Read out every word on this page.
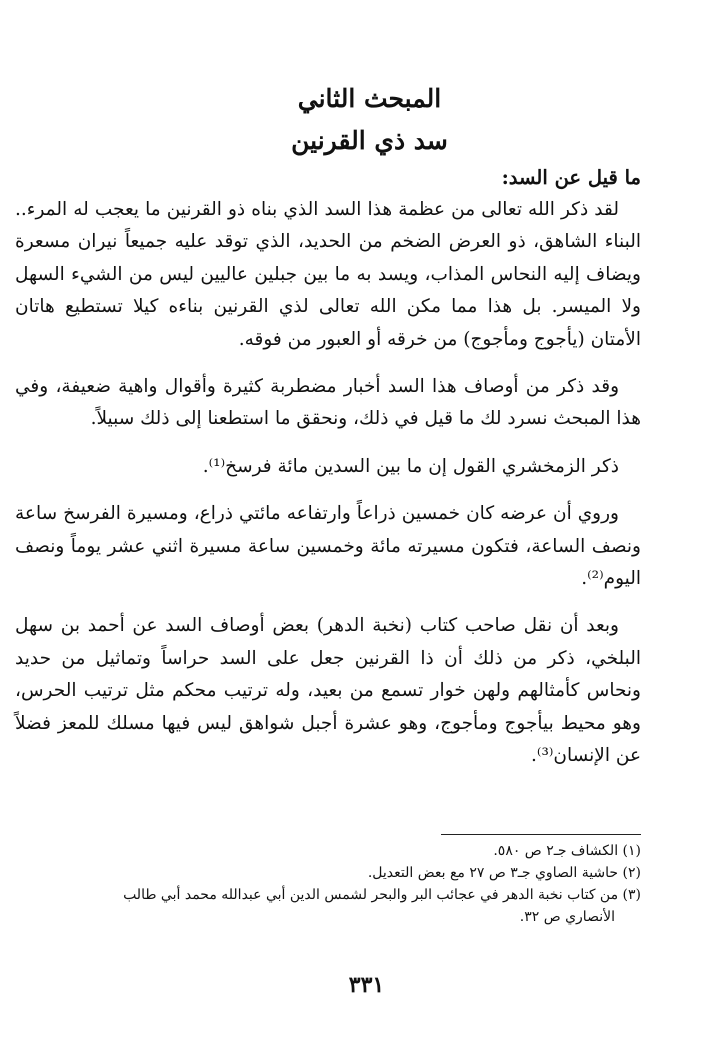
المبحث الثاني

سد ذي القرنين

ما قيل عن السد:

لقد ذكر الله تعالى من عظمة هذا السد الذي بناه ذو القرنين ما يعجب له المرء.. البناء الشاهق، ذو العرض الضخم من الحديد، الذي توقد عليه جميعاً نيران مسعرة ويضاف إليه النحاس المذاب، ويسد به ما بين جبلين عاليين ليس من الشيء السهل ولا الميسر. بل هذا مما مكن الله تعالى لذي القرنين بناءه كيلا تستطيع هاتان الأمتان (يأجوج ومأجوج) من خرقه أو العبور من فوقه.

وقد ذكر من أوصاف هذا السد أخبار مضطربة كثيرة وأقوال واهية ضعيفة، وفي هذا المبحث نسرد لك ما قيل في ذلك، ونحقق ما استطعنا إلى ذلك سبيلاً.

ذكر الزمخشري القول إن ما بين السدين مائة فرسخ⁽¹⁾.

وروي أن عرضه كان خمسين ذراعاً وارتفاعه مائتي ذراع، ومسيرة الفرسخ ساعة ونصف الساعة، فتكون مسيرته مائة وخمسين ساعة مسيرة اثني عشر يوماً ونصف اليوم⁽²⁾.

وبعد أن نقل صاحب كتاب (نخبة الدهر) بعض أوصاف السد عن أحمد بن سهل البلخي، ذكر من ذلك أن ذا القرنين جعل على السد حراساً وتماثيل من حديد ونحاس كأمثالهم ولهن خوار تسمع من بعيد، وله ترتيب محكم مثل ترتيب الحرس، وهو محيط بيأجوج ومأجوج، وهو عشرة أجبل شواهق ليس فيها مسلك للمعز فضلاً عن الإنسان⁽³⁾.

(١) الكشاف جـ٢ ص ٥٨٠.

(٢) حاشية الصاوي جـ٣ ص ٢٧ مع بعض التعديل.

(٣) من كتاب نخبة الدهر في عجائب البر والبحر لشمس الدين أبي عبدالله محمد أبي طالب

الأنصاري ص ٣٢.

٣٣١
